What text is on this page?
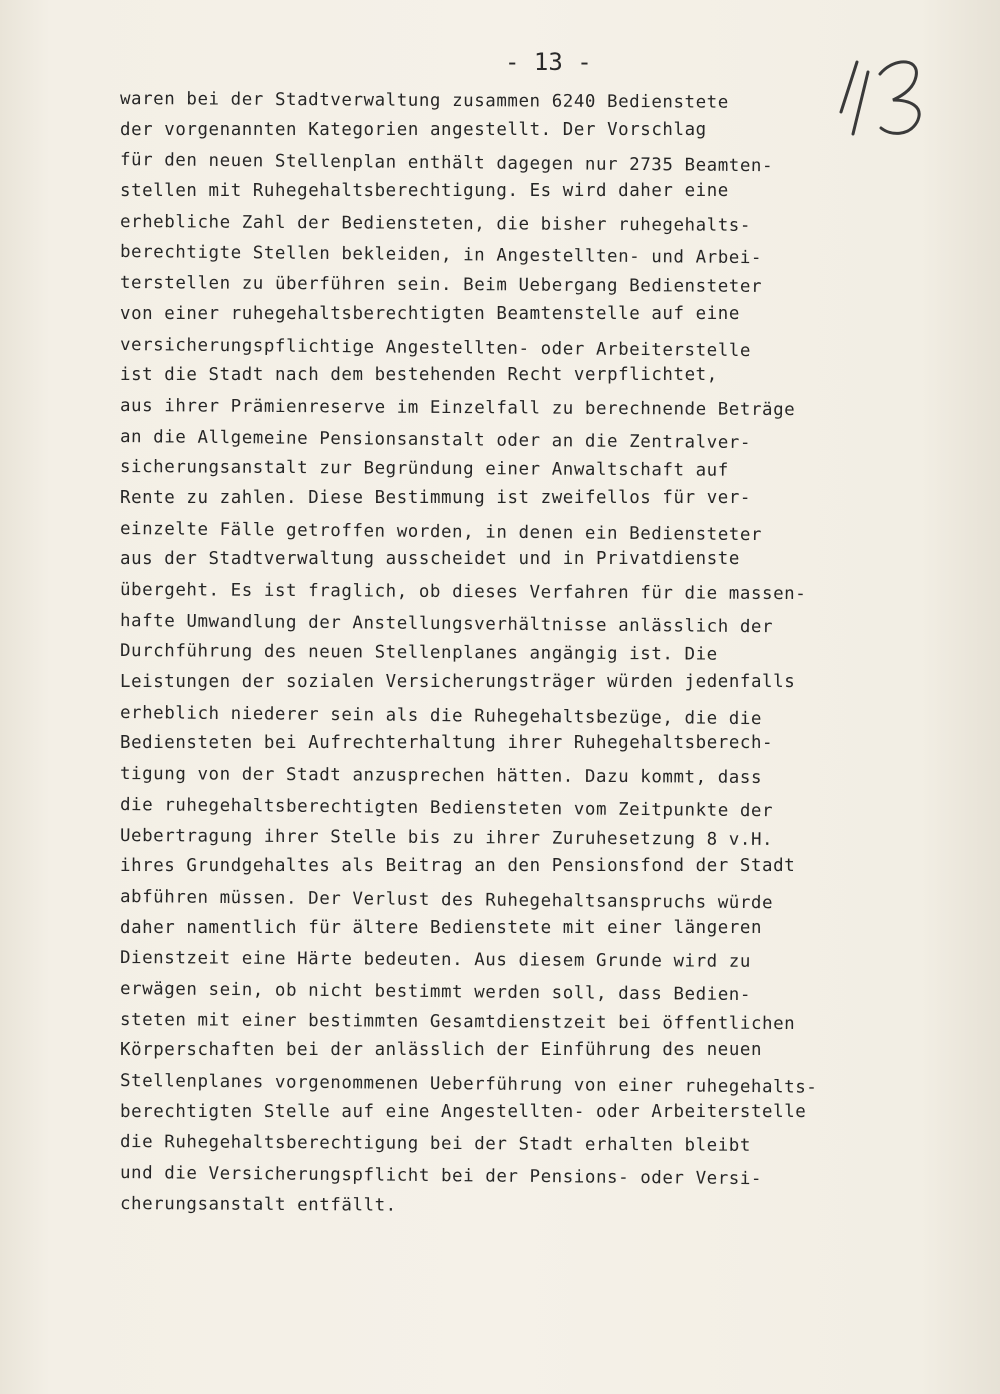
- 13 -
waren bei der Stadtverwaltung zusammen 6240 Bedienstete
der vorgenannten Kategorien angestellt. Der Vorschlag
für den neuen Stellenplan enthält dagegen nur 2735 Beamten-
stellen mit Ruhegehaltsberechtigung. Es wird daher eine
erhebliche Zahl der Bediensteten, die bisher ruhegehalts-
berechtigte Stellen bekleiden, in Angestellten- und Arbei-
terstellen zu überführen sein. Beim Uebergang Bediensteter
von einer ruhegehaltsberechtigten Beamtenstelle auf eine
versicherungspflichtige Angestellten- oder Arbeiterstelle
ist die Stadt nach dem bestehenden Recht verpflichtet,
aus ihrer Prämienreserve im Einzelfall zu berechnende Beträge
an die Allgemeine Pensionsanstalt oder an die Zentralver-
sicherungsanstalt zur Begründung einer Anwaltschaft auf
Rente zu zahlen. Diese Bestimmung ist zweifellos für ver-
einzelte Fälle getroffen worden, in denen ein Bediensteter
aus der Stadtverwaltung ausscheidet und in Privatdienste
übergeht. Es ist fraglich, ob dieses Verfahren für die massen-
hafte Umwandlung der Anstellungsverhältnisse anlässlich der
Durchführung des neuen Stellenplanes angängig ist. Die
Leistungen der sozialen Versicherungsträger würden jedenfalls
erheblich niederer sein als die Ruhegehaltsbezüge, die die
Bediensteten bei Aufrechterhaltung ihrer Ruhegehaltsberech-
tigung von der Stadt anzusprechen hätten. Dazu kommt, dass
die ruhegehaltsberechtigten Bediensteten vom Zeitpunkte der
Uebertragung ihrer Stelle bis zu ihrer Zuruhesetzung 8 v.H.
ihres Grundgehaltes als Beitrag an den Pensionsfond der Stadt
abführen müssen. Der Verlust des Ruhegehaltsanspruchs würde
daher namentlich für ältere Bedienstete mit einer längeren
Dienstzeit eine Härte bedeuten. Aus diesem Grunde wird zu
erwägen sein, ob nicht bestimmt werden soll, dass Bedien-
steten mit einer bestimmten Gesamtdienstzeit bei öffentlichen
Körperschaften bei der anlässlich der Einführung des neuen
Stellenplanes vorgenommenen Ueberführung von einer ruhegehalts-
berechtigten Stelle auf eine Angestellten- oder Arbeiterstelle
die Ruhegehaltsberechtigung bei der Stadt erhalten bleibt
und die Versicherungspflicht bei der Pensions- oder Versi-
cherungsanstalt entfällt.
